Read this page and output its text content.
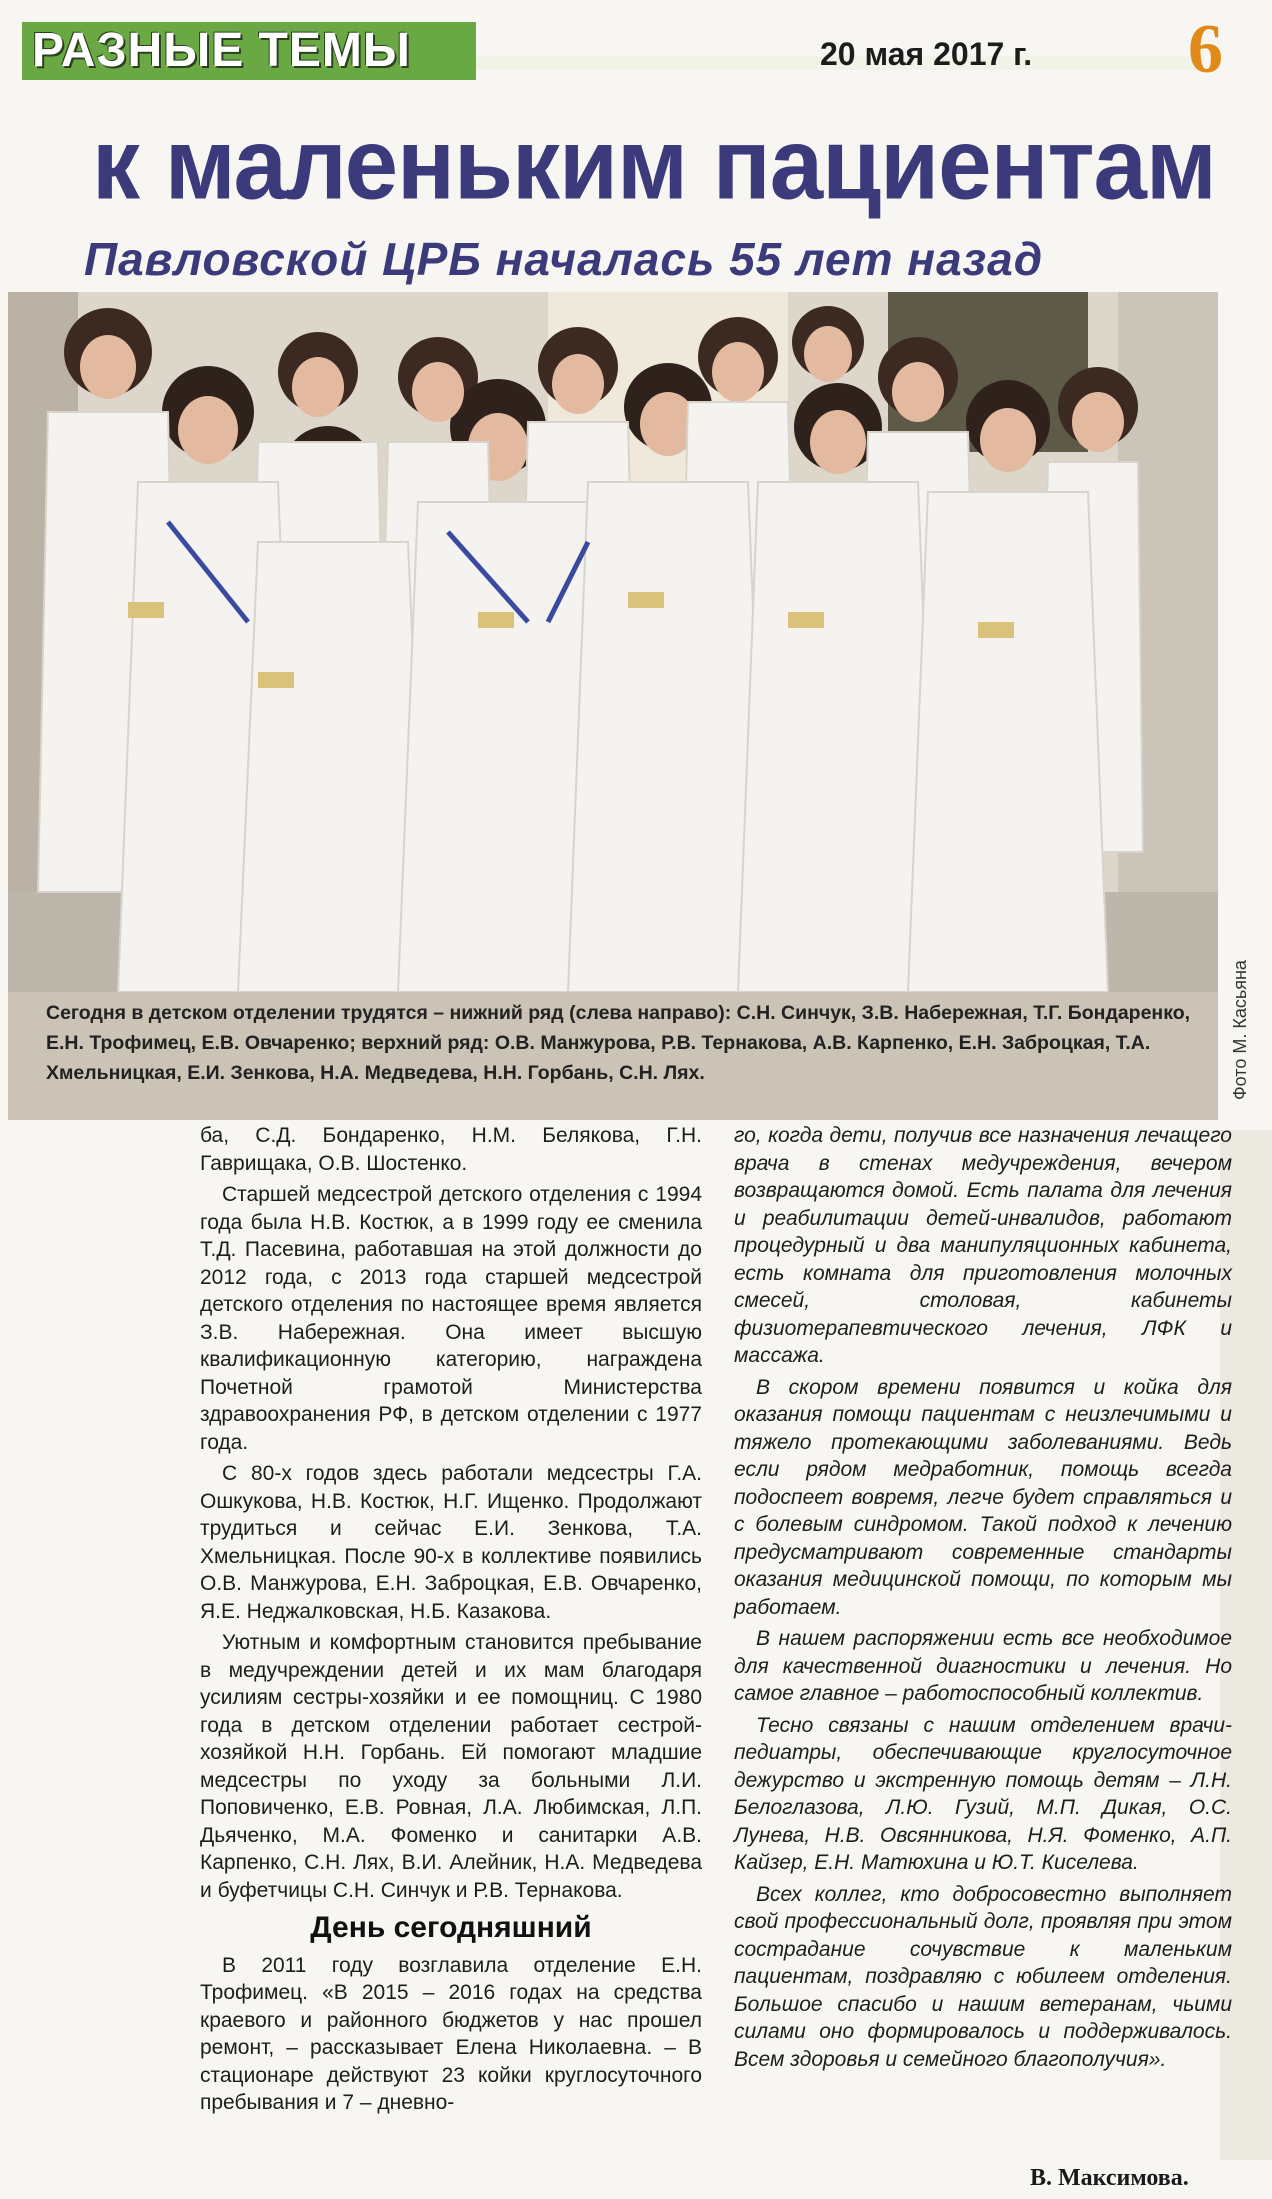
РАЗНЫЕ ТЕМЫ	20 мая 2017 г. 6
к маленьким пациентам
Павловской ЦРБ началась 55 лет назад
Сегодня в детском отделении трудятся – нижний ряд (слева направо): С.Н. Синчук, З.В. Набережная, Т.Г. Бондаренко, Е.Н. Трофимец, Е.В. Овчаренко; верхний ряд: О.В. Манжурова, Р.В. Тернакова, А.В. Карпенко, Е.Н. Заброцкая, Т.А. Хмельницкая, Е.И. Зенкова, Н.А. Медведева, Н.Н. Горбань, С.Н. Лях.	Фото М. Касьяна

ба, С.Д. Бондаренко, Н.М. Белякова, Г.Н. Гаврищака, О.В. Шостенко.

Старшей медсестрой детского отделения с 1994 года была Н.В. Костюк, а в 1999 году ее сменила Т.Д. Пасевина, работавшая на этой должности до 2012 года, с 2013 года старшей медсестрой детского отделения по настоящее время является З.В. Набережная. Она имеет высшую квалификационную категорию, награждена Почетной грамотой Министерства здравоохранения РФ, в детском отделении с 1977 года.

С 80-х годов здесь работали медсестры Г.А. Ошкукова, Н.В. Костюк, Н.Г. Ищенко. Продолжают трудиться и сейчас Е.И. Зенкова, Т.А. Хмельницкая. После 90-х в коллективе появились О.В. Манжурова, Е.Н. Заброцкая, Е.В. Овчаренко, Я.Е. Неджалковская, Н.Б. Казакова.

Уютным и комфортным становится пребывание в медучреждении детей и их мам благодаря усилиям сестры-хозяйки и ее помощниц. С 1980 года в детском отделении работает сестрой-хозяйкой Н.Н. Горбань. Ей помогают младшие медсестры по уходу за больными Л.И. Поповиченко, Е.В. Ровная, Л.А. Любимская, Л.П. Дьяченко, М.А. Фоменко и санитарки А.В. Карпенко, С.Н. Лях, В.И. Алейник, Н.А. Медведева и буфетчицы С.Н. Синчук и Р.В. Тернакова.

День сегодняшний

В 2011 году возглавила отделение Е.Н. Трофимец. «В 2015 – 2016 годах на средства краевого и районного бюджетов у нас прошел ремонт, – рассказывает Елена Николаевна. – В стационаре действуют 23 койки круглосуточного пребывания и 7 – дневно-

го, когда дети, получив все назначения лечащего врача в стенах медучреждения, вечером возвращаются домой. Есть палата для лечения и реабилитации детей-инвалидов, работают процедурный и два манипуляционных кабинета, есть комната для приготовления молочных смесей, столовая, кабинеты физиотерапевтического лечения, ЛФК и массажа.

В скором времени появится и койка для оказания помощи пациентам с неизлечимыми и тяжело протекающими заболеваниями. Ведь если рядом медработник, помощь всегда подоспеет вовремя, легче будет справляться и с болевым синдромом. Такой подход к лечению предусматривают современные стандарты оказания медицинской помощи, по которым мы работаем.

В нашем распоряжении есть все необходимое для качественной диагностики и лечения. Но самое главное – работоспособный коллектив.

Тесно связаны с нашим отделением врачи-педиатры, обеспечивающие круглосуточное дежурство и экстренную помощь детям – Л.Н. Белоглазова, Л.Ю. Гузий, М.П. Дикая, О.С. Лунева, Н.В. Овсянникова, Н.Я. Фоменко, А.П. Кайзер, Е.Н. Матюхина и Ю.Т. Киселева.

Всех коллег, кто добросовестно выполняет свой профессиональный долг, проявляя при этом сострадание сочувствие к маленьким пациентам, поздравляю с юбилеем отделения. Большое спасибо и нашим ветеранам, чьими силами оно формировалось и поддерживалось. Всем здоровья и семейного благополучия».

В. Максимова.
